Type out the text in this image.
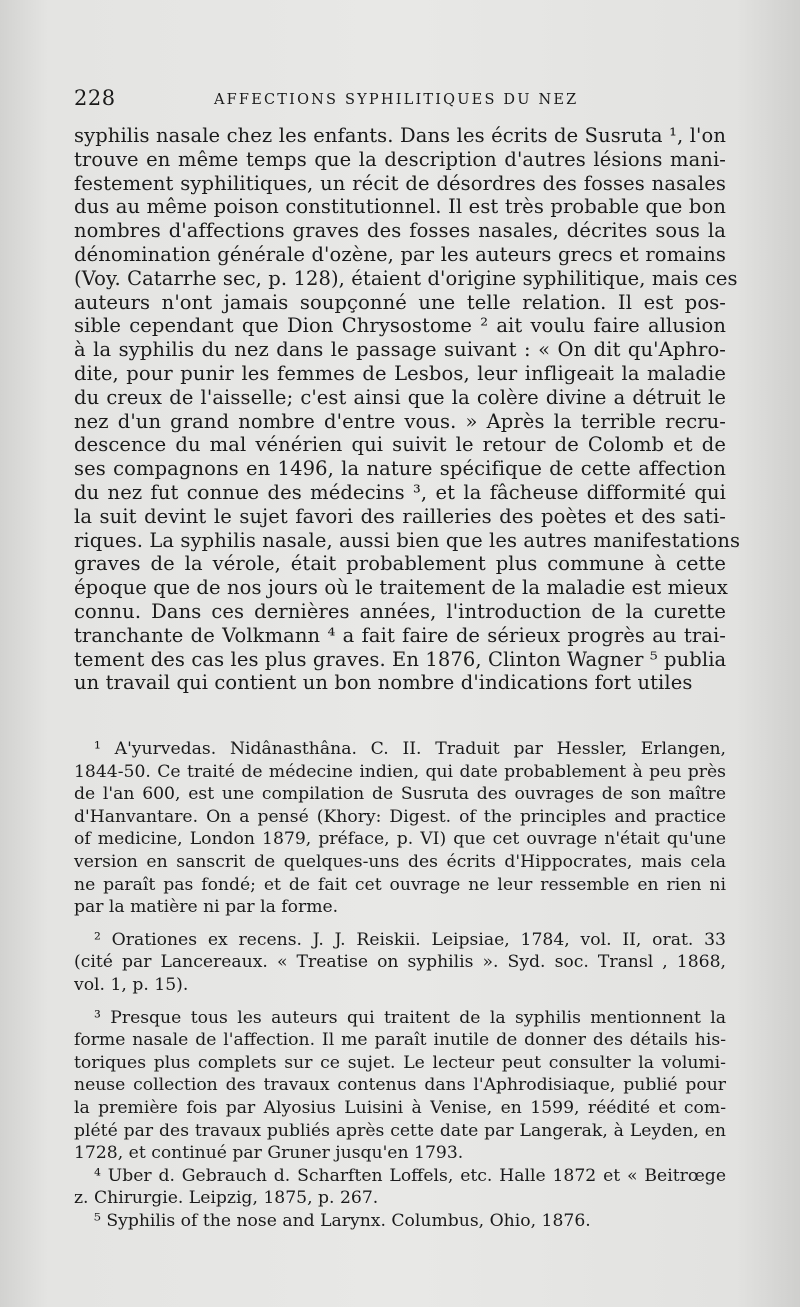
228	AFFECTIONS SYPHILITIQUES DU NEZ
syphilis nasale chez les enfants. Dans les écrits de Susruta ¹, l'on
trouve en même temps que la description d'autres lésions mani-
festement syphilitiques, un récit de désordres des fosses nasales
dus au même poison constitutionnel. Il est très probable que bon
nombres d'affections graves des fosses nasales, décrites sous la
dénomination générale d'ozène, par les auteurs grecs et romains
(Voy. Catarrhe sec, p. 128), étaient d'origine syphilitique, mais ces
auteurs n'ont jamais soupçonné une telle relation. Il est pos-
sible cependant que Dion Chrysostome ² ait voulu faire allusion
à la syphilis du nez dans le passage suivant : « On dit qu'Aphro-
dite, pour punir les femmes de Lesbos, leur infligeait la maladie
du creux de l'aisselle; c'est ainsi que la colère divine a détruit le
nez d'un grand nombre d'entre vous. » Après la terrible recru-
descence du mal vénérien qui suivit le retour de Colomb et de
ses compagnons en 1496, la nature spécifique de cette affection
du nez fut connue des médecins ³, et la fâcheuse difformité qui
la suit devint le sujet favori des railleries des poètes et des sati-
riques. La syphilis nasale, aussi bien que les autres manifestations
graves de la vérole, était probablement plus commune à cette
époque que de nos jours où le traitement de la maladie est mieux
connu. Dans ces dernières années, l'introduction de la curette
tranchante de Volkmann ⁴ a fait faire de sérieux progrès au trai-
tement des cas les plus graves. En 1876, Clinton Wagner ⁵ publia
un travail qui contient un bon nombre d'indications fort utiles
¹ A'yurvedas. Nidânasthâna. C. II. Traduit par Hessler, Erlangen,
1844-50. Ce traité de médecine indien, qui date probablement à peu près
de l'an 600, est une compilation de Susruta des ouvrages de son maître
d'Hanvantare. On a pensé (Khory: Digest. of the principles and practice
of medicine, London 1879, préface, p. VI) que cet ouvrage n'était qu'une
version en sanscrit de quelques-uns des écrits d'Hippocrates, mais cela
ne paraît pas fondé; et de fait cet ouvrage ne leur ressemble en rien ni
par la matière ni par la forme.
² Orationes ex recens. J. J. Reiskii. Leipsiae, 1784, vol. II, orat. 33
(cité par Lancereaux. « Treatise on syphilis ». Syd. soc. Transl , 1868,
vol. 1, p. 15).
³ Presque tous les auteurs qui traitent de la syphilis mentionnent la
forme nasale de l'affection. Il me paraît inutile de donner des détails his-
toriques plus complets sur ce sujet. Le lecteur peut consulter la volumi-
neuse collection des travaux contenus dans l'Aphrodisiaque, publié pour
la première fois par Alyosius Luisini à Venise, en 1599, réédité et com-
plété par des travaux publiés après cette date par Langerak, à Leyden, en
1728, et continué par Gruner jusqu'en 1793.
⁴ Uber d. Gebrauch d. Scharften Loffels, etc. Halle 1872 et « Beitrœge
z. Chirurgie. Leipzig, 1875, p. 267.
⁵ Syphilis of the nose and Larynx. Columbus, Ohio, 1876.
